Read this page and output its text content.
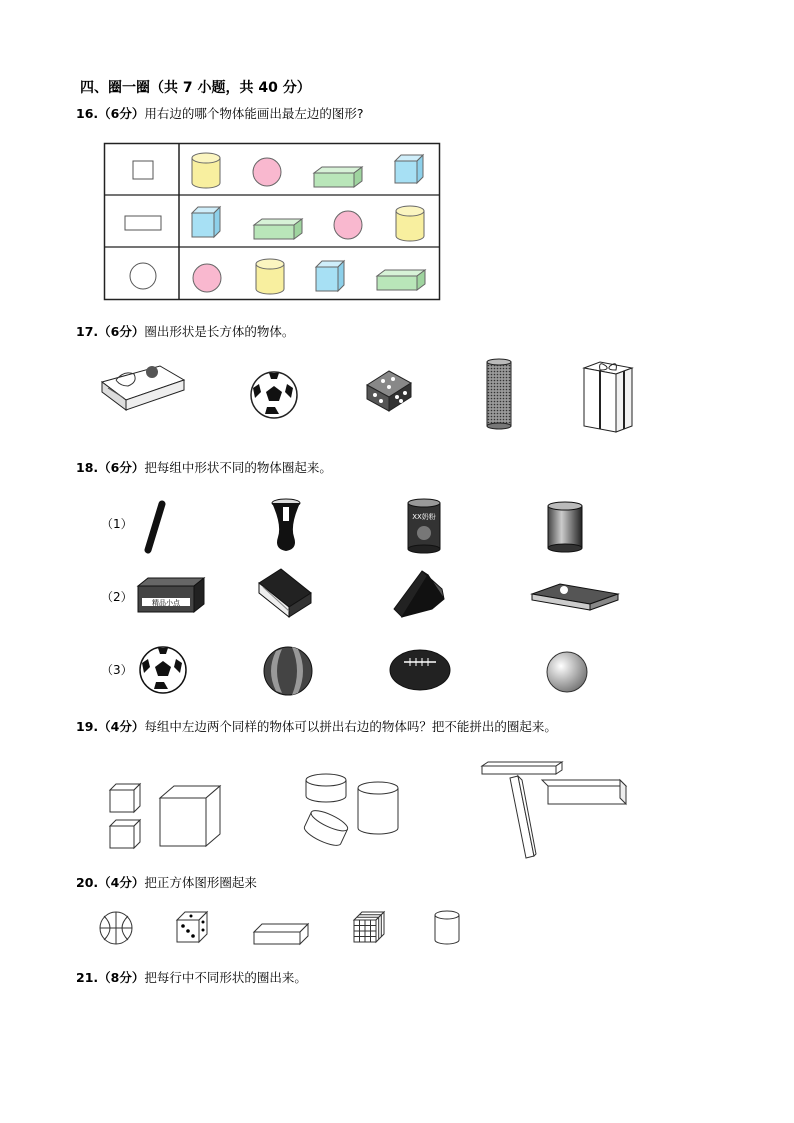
四、圈一圈（共 7 小题，共 40 分）
16.（6分）用右边的哪个物体能画出最左边的图形?
17.（6分）圈出形状是长方体的物体。
18.（6分）把每组中形状不同的物体圈起来。
（1）
（2）
（3）
XX奶粉
精品小点
19.（4分）每组中左边两个同样的物体可以拼出右边的物体吗？把不能拼出的圈起来。
20.（4分）把正方体图形圈起来
21.（8分）把每行中不同形状的圈出来。
